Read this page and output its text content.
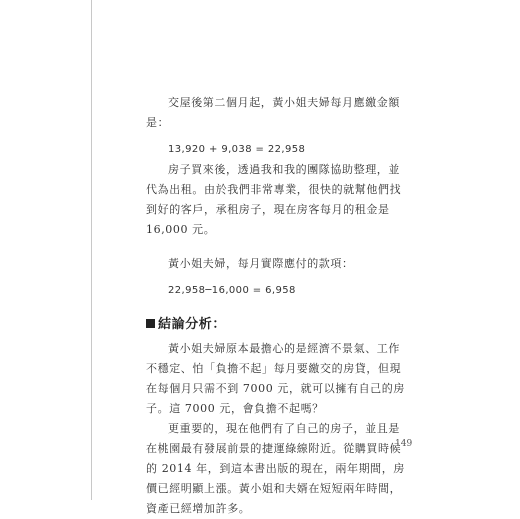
交屋後第二個月起，黃小姐夫婦每月應繳金額是：

13,920 + 9,038 = 22,958

房子買來後，透過我和我的團隊協助整理，並代為出租。由於我們非常專業，很快的就幫他們找到好的客戶，承租房子，現在房客每月的租金是 16,000 元。

黃小姐夫婦，每月實際應付的款項：

22,958─16,000 = 6,958

結論分析：

黃小姐夫婦原本最擔心的是經濟不景氣、工作不穩定、怕「負擔不起」每月要繳交的房貸，但現在每個月只需不到 7000 元，就可以擁有自己的房子。這 7000 元，會負擔不起嗎？

更重要的，現在他們有了自己的房子，並且是在桃園最有發展前景的捷運綠線附近。從購買時候的 2014 年，到這本書出版的現在，兩年期間，房價已經明顯上漲。黃小姐和夫婿在短短兩年時間，資產已經增加許多。

149
